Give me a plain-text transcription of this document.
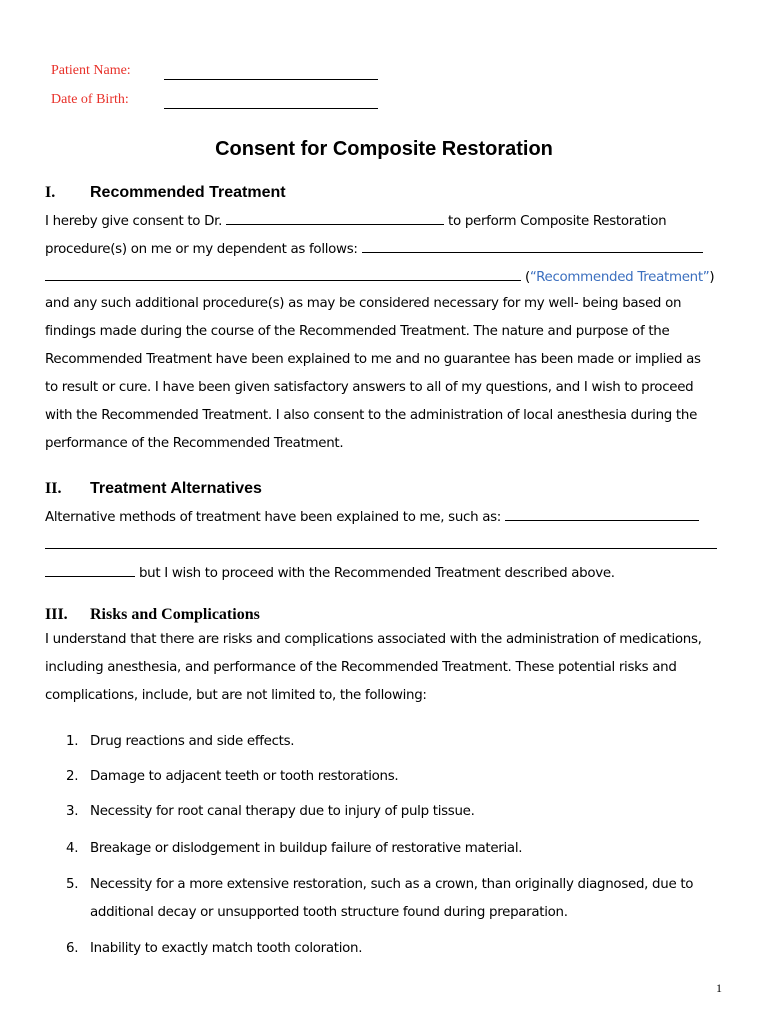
Patient Name:
Date of Birth:
Consent for Composite Restoration
I. Recommended Treatment
I hereby give consent to Dr.	to perform Composite Restoration
procedure(s) on me or my dependent as follows:
(“Recommended Treatment”)
and any such additional procedure(s) as may be considered necessary for my well- being based on
findings made during the course of the Recommended Treatment. The nature and purpose of the
Recommended Treatment have been explained to me and no guarantee has been made or implied as
to result or cure. I have been given satisfactory answers to all of my questions, and I wish to proceed
with the Recommended Treatment. I also consent to the administration of local anesthesia during the
performance of the Recommended Treatment.
II. Treatment Alternatives
Alternative methods of treatment have been explained to me, such as:
but I wish to proceed with the Recommended Treatment described above.
III. Risks and Complications
I understand that there are risks and complications associated with the administration of medications,
including anesthesia, and performance of the Recommended Treatment. These potential risks and
complications, include, but are not limited to, the following:
1. Drug reactions and side effects.
2. Damage to adjacent teeth or tooth restorations.
3. Necessity for root canal therapy due to injury of pulp tissue.
4. Breakage or dislodgement in buildup failure of restorative material.
5. Necessity for a more extensive restoration, such as a crown, than originally diagnosed, due to
additional decay or unsupported tooth structure found during preparation.
6. Inability to exactly match tooth coloration.
1
